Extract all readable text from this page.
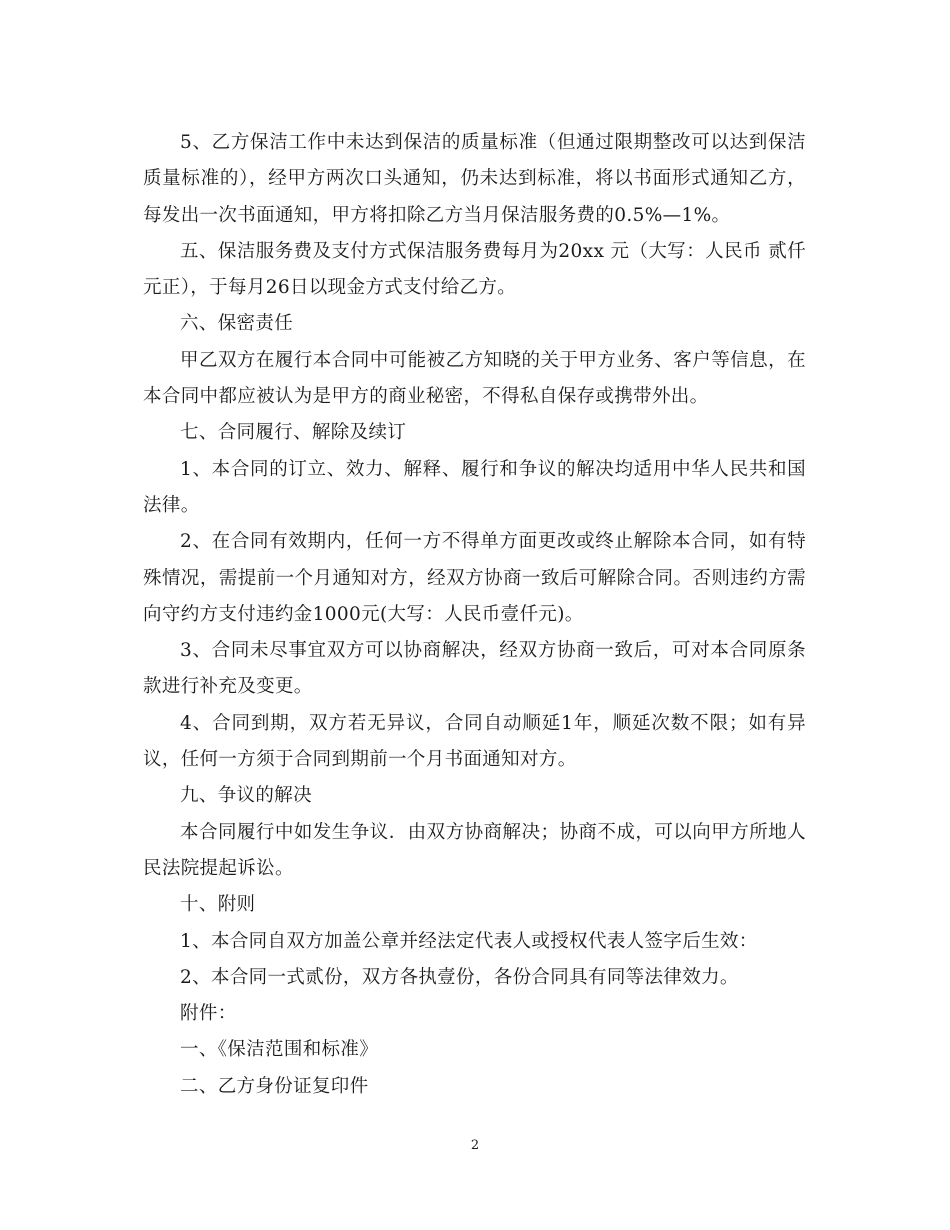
5、乙方保洁工作中未达到保洁的质量标准（但通过限期整改可以达到保洁质量标准的），经甲方两次口头通知，仍未达到标准，将以书面形式通知乙方，每发出一次书面通知，甲方将扣除乙方当月保洁服务费的0.5%—1%。

五、保洁服务费及支付方式保洁服务费每月为20xx 元（大写：人民币 贰仟元正），于每月26日以现金方式支付给乙方。

六、保密责任

甲乙双方在履行本合同中可能被乙方知晓的关于甲方业务、客户等信息，在本合同中都应被认为是甲方的商业秘密，不得私自保存或携带外出。

七、合同履行、解除及续订

1、本合同的订立、效力、解释、履行和争议的解决均适用中华人民共和国法律。

2、在合同有效期内，任何一方不得单方面更改或终止解除本合同，如有特殊情况，需提前一个月通知对方，经双方协商一致后可解除合同。否则违约方需向守约方支付违约金1000元(大写：人民币壹仟元)。

3、合同未尽事宜双方可以协商解决，经双方协商一致后，可对本合同原条款进行补充及变更。

4、合同到期，双方若无异议，合同自动顺延1年，顺延次数不限；如有异议，任何一方须于合同到期前一个月书面通知对方。

九、争议的解决

本合同履行中如发生争议．由双方协商解决；协商不成，可以向甲方所地人民法院提起诉讼。

十、附则

1、本合同自双方加盖公章并经法定代表人或授权代表人签字后生效：

2、本合同一式贰份，双方各执壹份，各份合同具有同等法律效力。

附件：

一、《保洁范围和标准》

二、乙方身份证复印件

2
